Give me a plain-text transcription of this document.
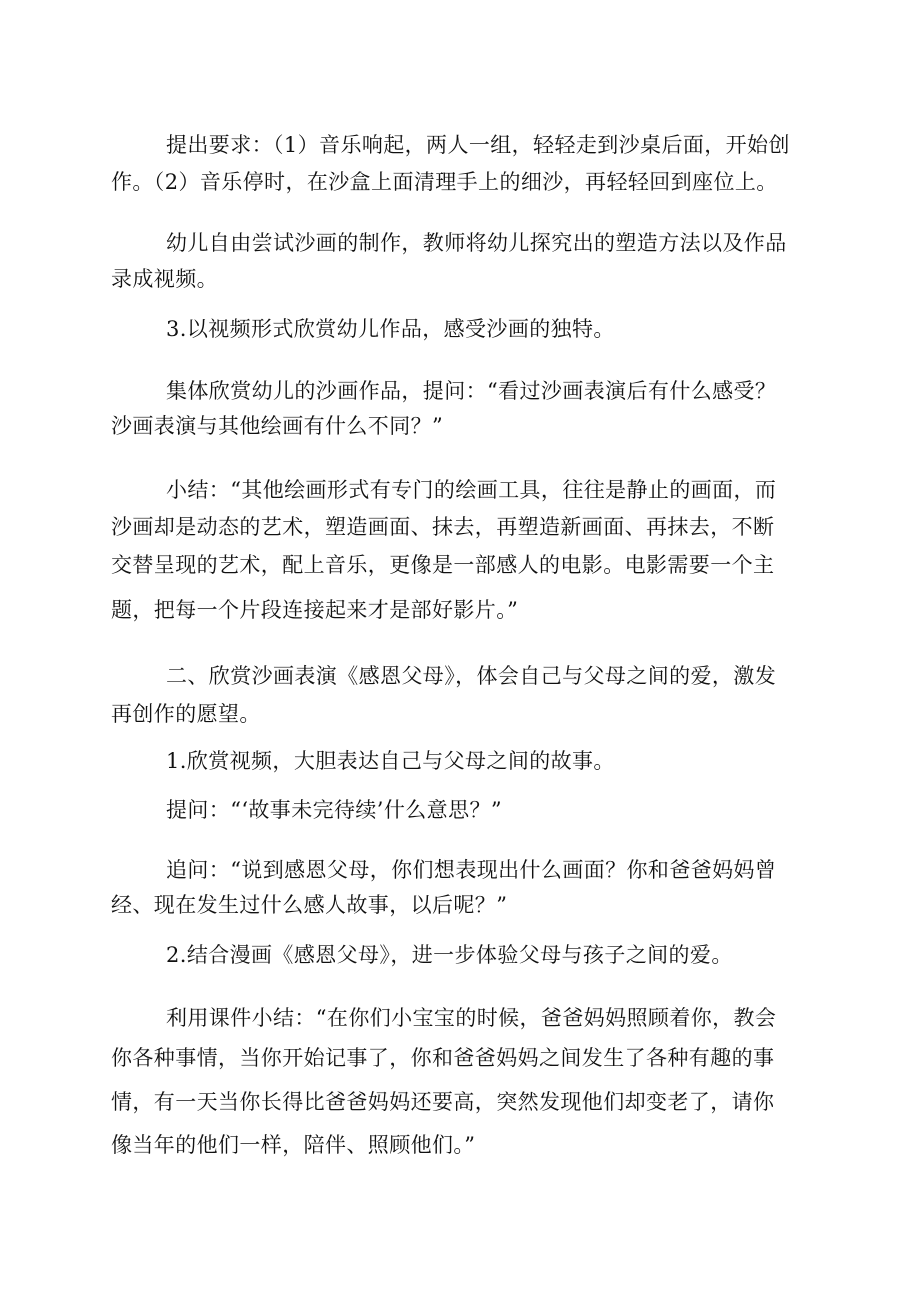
提出要求：（1）音乐响起，两人一组，轻轻走到沙桌后面，开始创

作。（2）音乐停时，在沙盒上面清理手上的细沙，再轻轻回到座位上。

幼儿自由尝试沙画的制作，教师将幼儿探究出的塑造方法以及作品

录成视频。

3.以视频形式欣赏幼儿作品，感受沙画的独特。

集体欣赏幼儿的沙画作品，提问：“看过沙画表演后有什么感受？

沙画表演与其他绘画有什么不同？”

小结：“其他绘画形式有专门的绘画工具，往往是静止的画面，而

沙画却是动态的艺术，塑造画面、抹去，再塑造新画面、再抹去，不断

交替呈现的艺术，配上音乐，更像是一部感人的电影。电影需要一个主

题，把每一个片段连接起来才是部好影片。”

二、欣赏沙画表演《感恩父母》，体会自己与父母之间的爱，激发

再创作的愿望。

1.欣赏视频，大胆表达自己与父母之间的故事。

提问：“‘故事未完待续’什么意思？”

追问：“说到感恩父母，你们想表现出什么画面？你和爸爸妈妈曾

经、现在发生过什么感人故事，以后呢？”

2.结合漫画《感恩父母》，进一步体验父母与孩子之间的爱。

利用课件小结：“在你们小宝宝的时候，爸爸妈妈照顾着你，教会

你各种事情，当你开始记事了，你和爸爸妈妈之间发生了各种有趣的事

情，有一天当你长得比爸爸妈妈还要高，突然发现他们却变老了，请你

像当年的他们一样，陪伴、照顾他们。”
